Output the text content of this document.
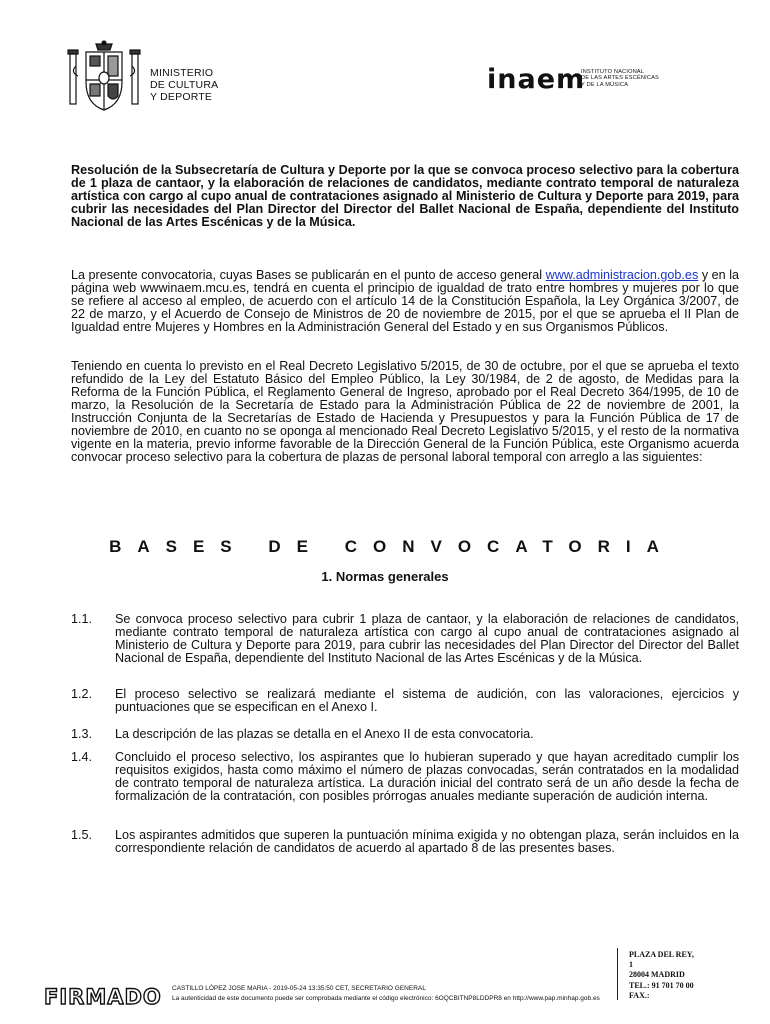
MINISTERIO
DE CULTURA
Y DEPORTE
inaem
INSTITUTO NACIONAL
DE LAS ARTES ESCÉNICAS
Y DE LA MÚSICA
Resolución de la Subsecretaría de Cultura y Deporte por la que se convoca proceso selectivo para la cobertura de 1 plaza de cantaor, y la elaboración de relaciones de candidatos, mediante contrato temporal de naturaleza artística con cargo al cupo anual de contrataciones asignado al Ministerio de Cultura y Deporte para 2019, para cubrir las necesidades del Plan Director del Director del Ballet Nacional de España, dependiente del Instituto Nacional de las Artes Escénicas y de la Música.
La presente convocatoria, cuyas Bases se publicarán en el punto de acceso general www.administracion.gob.es y en la página web wwwinaem.mcu.es, tendrá en cuenta el principio de igualdad de trato entre hombres y mujeres por lo que se refiere al acceso al empleo, de acuerdo con el artículo 14 de la Constitución Española, la Ley Orgánica 3/2007, de 22 de marzo, y el Acuerdo de Consejo de Ministros de 20 de noviembre de 2015, por el que se aprueba el II Plan de Igualdad entre Mujeres y Hombres en la Administración General del Estado y en sus Organismos Públicos.
Teniendo en cuenta lo previsto en el Real Decreto Legislativo 5/2015, de 30 de octubre, por el que se aprueba el texto refundido de la Ley del Estatuto Básico del Empleo Público, la Ley 30/1984, de 2 de agosto, de Medidas para la Reforma de la Función Pública, el Reglamento General de Ingreso, aprobado por el Real Decreto 364/1995, de 10 de marzo, la Resolución de la Secretaría de Estado para la Administración Pública de 22 de noviembre de 2001, la Instrucción Conjunta de la Secretarías de Estado de Hacienda y Presupuestos y para la Función Pública de 17 de noviembre de 2010, en cuanto no se oponga al mencionado Real Decreto Legislativo 5/2015, y el resto de la normativa vigente en la materia, previo informe favorable de la Dirección General de la Función Pública, este Organismo acuerda convocar proceso selectivo para la cobertura de plazas de personal laboral temporal con arreglo a las siguientes:
BASES DE CONVOCATORIA
1. Normas generales
1.1.	Se convoca proceso selectivo para cubrir 1 plaza de cantaor, y la elaboración de relaciones de candidatos, mediante contrato temporal de naturaleza artística con cargo al cupo anual de contrataciones asignado al Ministerio de Cultura y Deporte para 2019, para cubrir las necesidades del Plan Director del Director del Ballet Nacional de España, dependiente del Instituto Nacional de las Artes Escénicas y de la Música.
1.2.	El proceso selectivo se realizará mediante el sistema de audición, con las valoraciones, ejercicios y puntuaciones que se especifican en el Anexo I.
1.3.	La descripción de las plazas se detalla en el Anexo II de esta convocatoria.
1.4.	Concluido el proceso selectivo, los aspirantes que lo hubieran superado y que hayan acreditado cumplir los requisitos exigidos, hasta como máximo el número de plazas convocadas, serán contratados en la modalidad de contrato temporal de naturaleza artística. La duración inicial del contrato será de un año desde la fecha de formalización de la contratación, con posibles prórrogas anuales mediante superación de audición interna.
1.5.	Los aspirantes admitidos que superen la puntuación mínima exigida y no obtengan plaza, serán incluidos en la correspondiente relación de candidatos de acuerdo al apartado 8 de las presentes bases.
PLAZA DEL REY,
1
28004 MADRID
TEL.: 91 701 70 00
FAX.:
FIRMADO CASTILLO LÓPEZ JOSE MARIA - 2019-05-24 13:35:50 CET, SECRETARIO GENERAL
La autenticidad de este documento puede ser comprobada mediante el código electrónico: 6OQCBITNP8LDDPR8 en http://www.pap.minhap.gob.es
